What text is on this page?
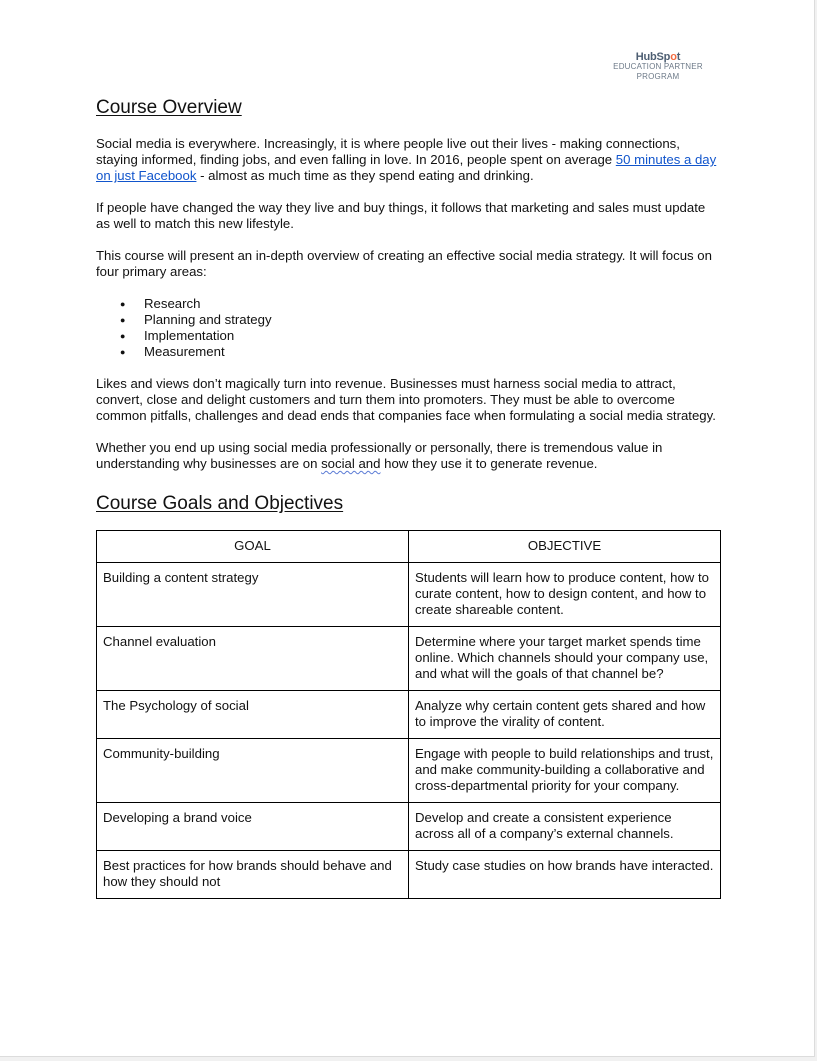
HubSpot
EDUCATION PARTNER
PROGRAM
Course Overview

Social media is everywhere. Increasingly, it is where people live out their lives - making connections, staying informed, finding jobs, and even falling in love. In 2016, people spent on average 50 minutes a day on just Facebook - almost as much time as they spend eating and drinking.

If people have changed the way they live and buy things, it follows that marketing and sales must update as well to match this new lifestyle.

This course will present an in-depth overview of creating an effective social media strategy. It will focus on four primary areas:

● Research
● Planning and strategy
● Implementation
● Measurement

Likes and views don’t magically turn into revenue. Businesses must harness social media to attract, convert, close and delight customers and turn them into promoters. They must be able to overcome common pitfalls, challenges and dead ends that companies face when formulating a social media strategy.

Whether you end up using social media professionally or personally, there is tremendous value in understanding why businesses are on social and how they use it to generate revenue.

Course Goals and Objectives
GOAL	OBJECTIVE
Building a content strategy	Students will learn how to produce content, how to curate content, how to design content, and how to create shareable content.
Channel evaluation	Determine where your target market spends time online. Which channels should your company use, and what will the goals of that channel be?
The Psychology of social	Analyze why certain content gets shared and how to improve the virality of content.
Community-building	Engage with people to build relationships and trust, and make community-building a collaborative and cross-departmental priority for your company.
Developing a brand voice	Develop and create a consistent experience across all of a company’s external channels.
Best practices for how brands should behave and how they should not	Study case studies on how brands have interacted.
